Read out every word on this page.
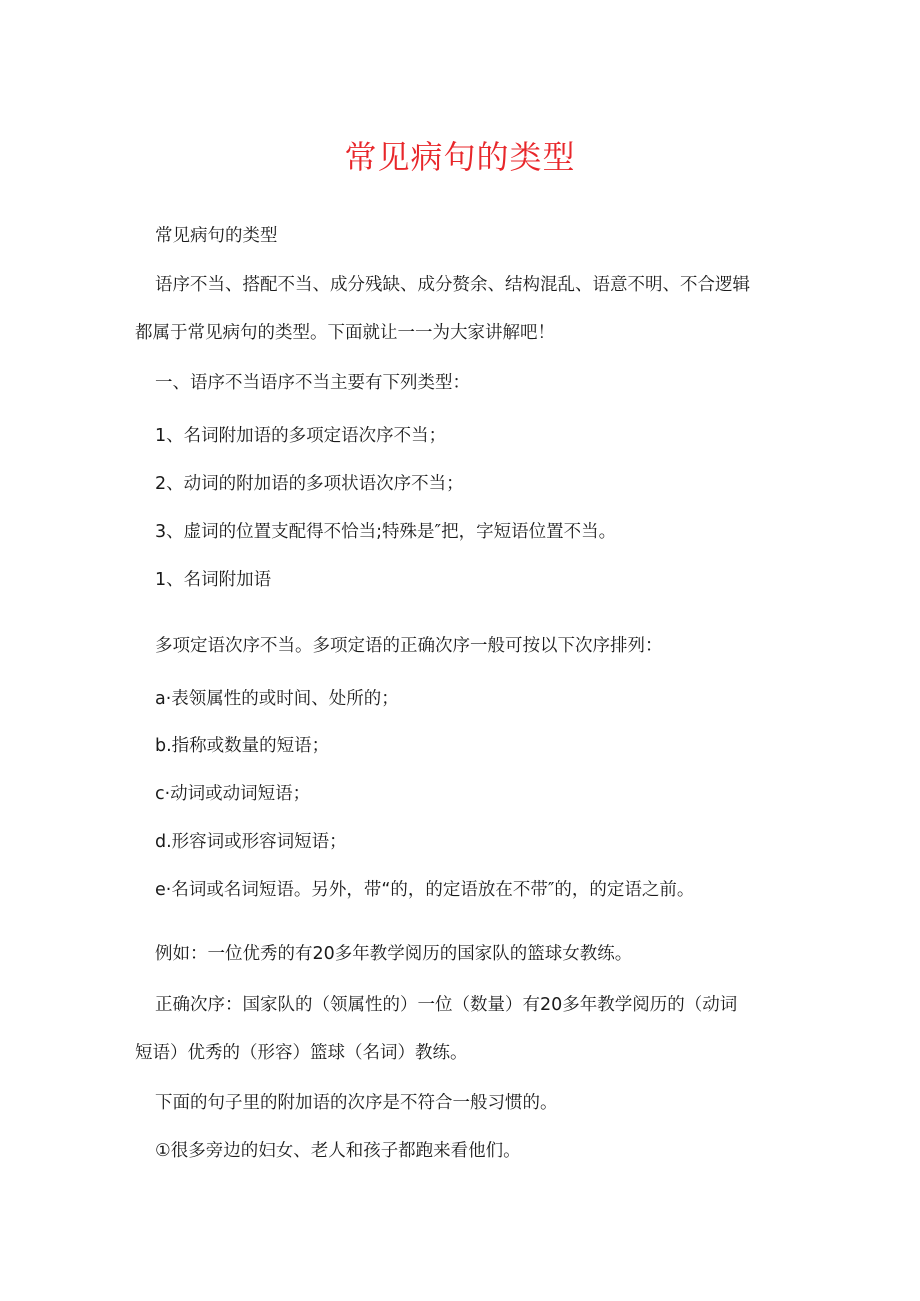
常见病句的类型
常见病句的类型
语序不当、搭配不当、成分残缺、成分赘余、结构混乱、语意不明、不合逻辑
都属于常见病句的类型。下面就让一一为大家讲解吧！
一、语序不当语序不当主要有下列类型：
1、名词附加语的多项定语次序不当；
2、动词的附加语的多项状语次序不当；
3、虚词的位置支配得不恰当;特殊是″把，字短语位置不当。
1、名词附加语
多项定语次序不当。多项定语的正确次序一般可按以下次序排列：
a·表领属性的或时间、处所的；
b.指称或数量的短语；
c·动词或动词短语；
d.形容词或形容词短语；
e·名词或名词短语。另外，带“的，的定语放在不带″的，的定语之前。
例如：一位优秀的有20多年教学阅历的国家队的篮球女教练。
正确次序：国家队的（领属性的）一位（数量）有20多年教学阅历的（动词
短语）优秀的（形容）篮球（名词）教练。
下面的句子里的附加语的次序是不符合一般习惯的。
①很多旁边的妇女、老人和孩子都跑来看他们。
